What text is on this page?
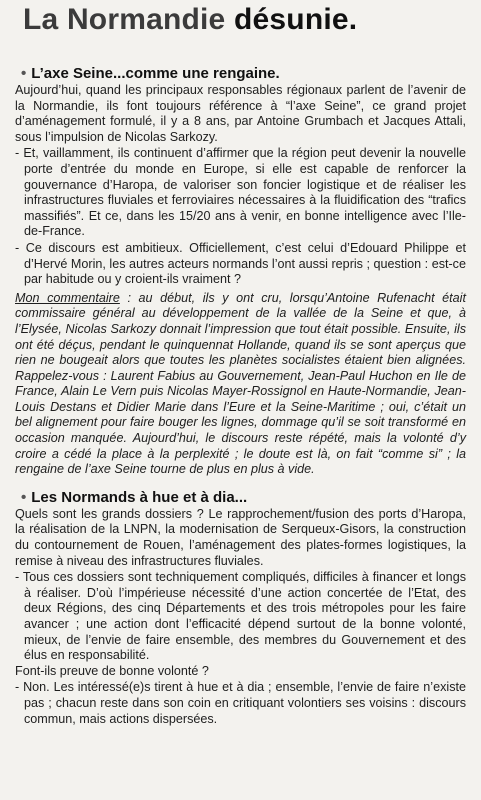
La Normandie désunie.
• L’axe Seine...comme une rengaine.

Aujourd’hui, quand les principaux responsables régionaux parlent de l’avenir de la Normandie, ils font toujours référence à “l’axe Seine”, ce grand projet d’aménagement formulé, il y a 8 ans, par Antoine Grumbach et Jacques Attali, sous l’impulsion de Nicolas Sarkozy.

- Et, vaillamment, ils continuent d’affirmer que la région peut devenir la nouvelle porte d’entrée du monde en Europe, si elle est capable de renforcer la gouvernance d’Haropa, de valoriser son foncier logistique et de réaliser les infrastructures fluviales et ferroviaires nécessaires à la fluidification des “trafics massifiés”. Et ce, dans les 15/20 ans à venir, en bonne intelligence avec l’Ile-de-France.

- Ce discours est ambitieux. Officiellement, c’est celui d’Edouard Philippe et d’Hervé Morin, les autres acteurs normands l’ont aussi repris ; question : est-ce par habitude ou y croient-ils vraiment ?

Mon commentaire : au début, ils y ont cru, lorsqu’Antoine Rufenacht était commissaire général au développement de la vallée de la Seine et que, à l’Elysée, Nicolas Sarkozy donnait l’impression que tout était possible. Ensuite, ils ont été déçus, pendant le quinquennat Hollande, quand ils se sont aperçus que rien ne bougeait alors que toutes les planètes socialistes étaient bien alignées. Rappelez-vous : Laurent Fabius au Gouvernement, Jean-Paul Huchon en Ile de France, Alain Le Vern puis Nicolas Mayer-Rossignol en Haute-Normandie, Jean-Louis Destans et Didier Marie dans l’Eure et la Seine-Maritime ; oui, c’était un bel alignement pour faire bouger les lignes, dommage qu’il se soit transformé en occasion manquée. Aujourd’hui, le discours reste répété, mais la volonté d’y croire a cédé la place à la perplexité ; le doute est là, on fait “comme si” ; la rengaine de l’axe Seine tourne de plus en plus à vide.

• Les Normands à hue et à dia...

Quels sont les grands dossiers ? Le rapprochement/fusion des ports d’Haropa, la réalisation de la LNPN, la modernisation de Serqueux-Gisors, la construction du contournement de Rouen, l’aménagement des plates-formes logistiques, la remise à niveau des infrastructures fluviales.

- Tous ces dossiers sont techniquement compliqués, difficiles à financer et longs à réaliser. D’où l’impérieuse nécessité d’une action concertée de l’Etat, des deux Régions, des cinq Départements et des trois métropoles pour les faire avancer ; une action dont l’efficacité dépend surtout de la bonne volonté, mieux, de l’envie de faire ensemble, des membres du Gouvernement et des élus en responsabilité.

Font-ils preuve de bonne volonté ?

- Non. Les intéressé(e)s tirent à hue et à dia ; ensemble, l’envie de faire n’existe pas ; chacun reste dans son coin en critiquant volontiers ses voisins : discours commun, mais actions dispersées.
